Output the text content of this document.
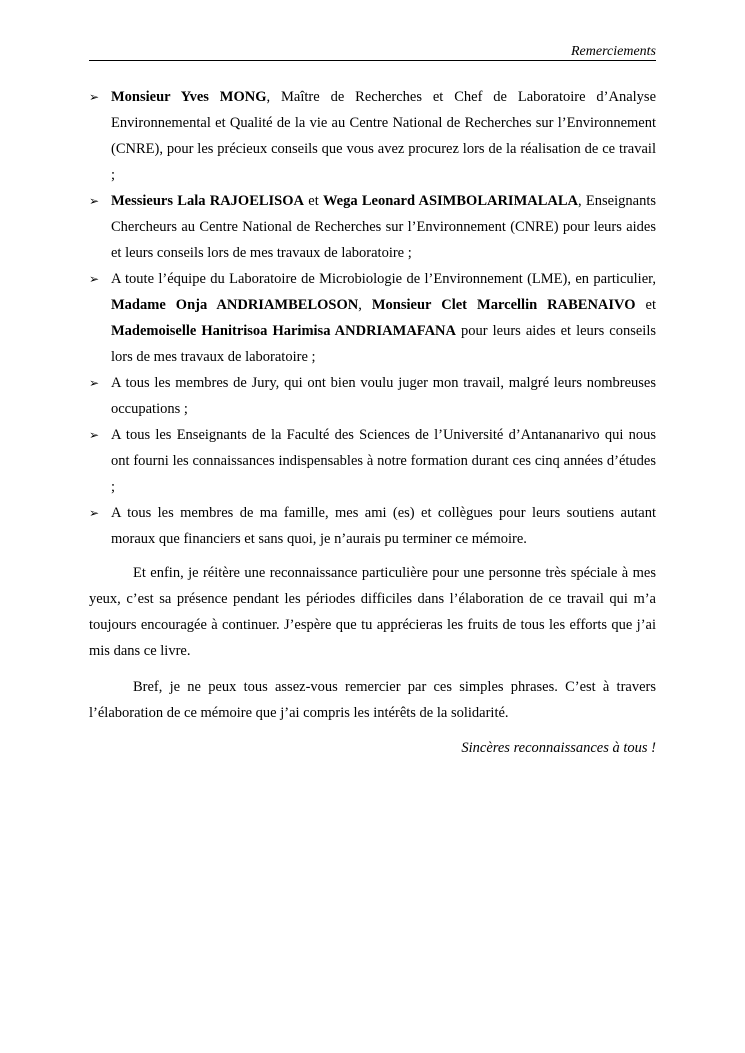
Remerciements
➢ Monsieur Yves MONG, Maître de Recherches et Chef de Laboratoire d’Analyse Environnemental et Qualité de la vie au Centre National de Recherches sur l’Environnement (CNRE), pour les précieux conseils que vous avez procurez lors de la réalisation de ce travail ;
➢ Messieurs Lala RAJOELISOA et Wega Leonard ASIMBOLARIMALALA, Enseignants Chercheurs au Centre National de Recherches sur l’Environnement (CNRE) pour leurs aides et leurs conseils lors de mes travaux de laboratoire ;
➢ A toute l’équipe du Laboratoire de Microbiologie de l’Environnement (LME), en particulier, Madame Onja ANDRIAMBELOSON, Monsieur Clet Marcellin RABENAIVO et Mademoiselle Hanitrisoa Harimisa ANDRIAMAFANA pour leurs aides et leurs conseils lors de mes travaux de laboratoire ;
➢ A tous les membres de Jury, qui ont bien voulu juger mon travail, malgré leurs nombreuses occupations ;
➢ A tous les Enseignants de la Faculté des Sciences de l’Université d’Antananarivo qui nous ont fourni les connaissances indispensables à notre formation durant ces cinq années d’études ;
➢ A tous les membres de ma famille, mes ami (es) et collègues pour leurs soutiens autant moraux que financiers et sans quoi, je n’aurais pu terminer ce mémoire.

Et enfin, je réitère une reconnaissance particulière pour une personne très spéciale à mes yeux, c’est sa présence pendant les périodes difficiles dans l’élaboration de ce travail qui m’a toujours encouragée à continuer. J’espère que tu apprécieras les fruits de tous les efforts que j’ai mis dans ce livre.

Bref, je ne peux tous assez-vous remercier par ces simples phrases. C’est à travers l’élaboration de ce mémoire que j’ai compris les intérêts de la solidarité.

Sincères reconnaissances à tous !
